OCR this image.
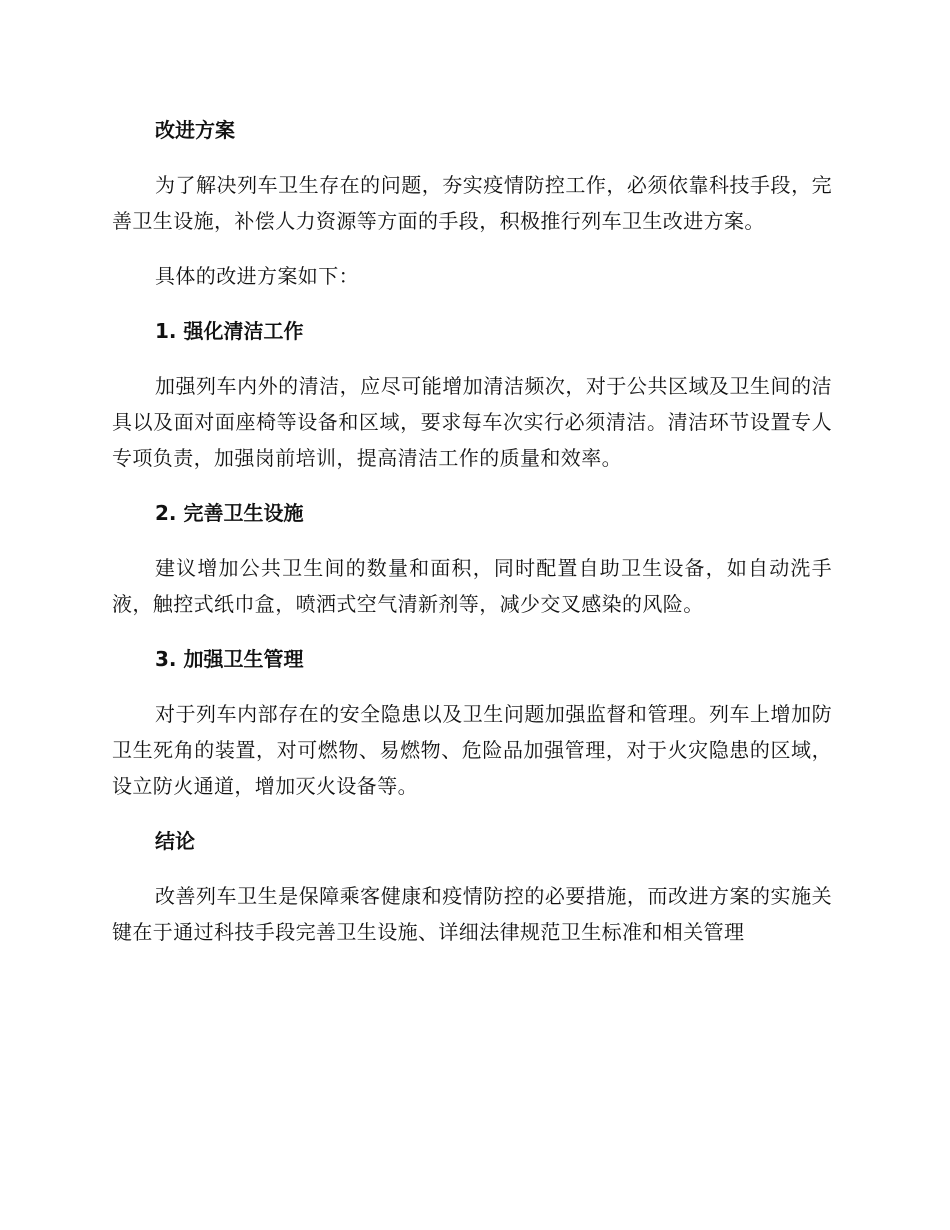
改进方案

为了解决列车卫生存在的问题，夯实疫情防控工作，必须依靠科技手段，完善卫生设施，补偿人力资源等方面的手段，积极推行列车卫生改进方案。

具体的改进方案如下：

1. 强化清洁工作

加强列车内外的清洁，应尽可能增加清洁频次，对于公共区域及卫生间的洁具以及面对面座椅等设备和区域，要求每车次实行必须清洁。清洁环节设置专人专项负责，加强岗前培训，提高清洁工作的质量和效率。

2. 完善卫生设施

建议增加公共卫生间的数量和面积，同时配置自助卫生设备，如自动洗手液，触控式纸巾盒，喷洒式空气清新剂等，减少交叉感染的风险。

3. 加强卫生管理

对于列车内部存在的安全隐患以及卫生问题加强监督和管理。列车上增加防卫生死角的装置，对可燃物、易燃物、危险品加强管理，对于火灾隐患的区域，设立防火通道，增加灭火设备等。

结论

改善列车卫生是保障乘客健康和疫情防控的必要措施，而改进方案的实施关键在于通过科技手段完善卫生设施、详细法律规范卫生标准和相关管理
